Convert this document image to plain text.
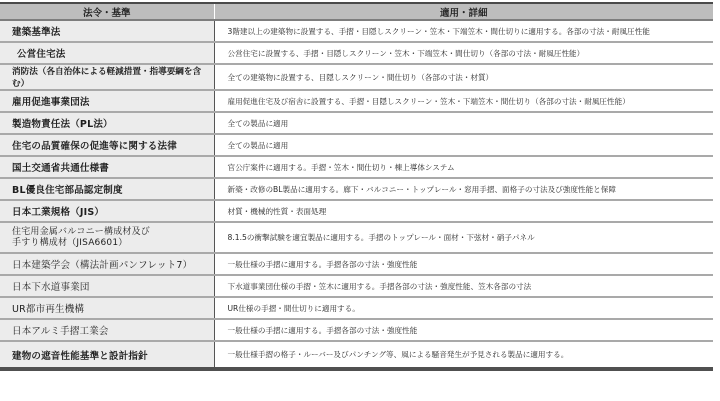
法令・基準	適用・詳細
建築基準法	3階建以上の建築物に設置する、手摺・目隠しスクリーン・笠木・下端笠木・間仕切りに適用する。各部の寸法・耐風圧性能
公営住宅法	公営住宅に設置する、手摺・目隠しスクリーン・笠木・下端笠木・間仕切り（各部の寸法・耐風圧性能）
消防法（各自治体による軽減措置・指導要綱を含む）	全ての建築物に設置する、目隠しスクリーン・間仕切り（各部の寸法・材質）
雇用促進事業団法	雇用促進住宅及び宿舎に設置する、手摺・目隠しスクリーン・笠木・下端笠木・間仕切り（各部の寸法・耐風圧性能）
製造物責任法（PL法）	全ての製品に適用
住宅の品質確保の促進等に関する法律	全ての製品に適用
国土交通省共通仕様書	官公庁案件に適用する。手摺・笠木・間仕切り・棟上導体システム
BL優良住宅部品認定制度	新築・改修のBL製品に適用する。廊下・バルコニー・トップレール・窓用手摺、面格子の寸法及び強度性能と保障
日本工業規格（JIS）	材質・機械的性質・表面処理

住宅用金属バルコニー構成材及び
手すり構成材（JISA6601）	8.1.5の衝撃試験を適宜製品に適用する。手摺のトップレール・面材・下弦材・硝子パネル
日本建築学会（構法計画パンフレット7）	一般仕様の手摺に適用する。手摺各部の寸法・強度性能
日本下水道事業団	下水道事業団仕様の手摺・笠木に適用する。手摺各部の寸法・強度性能、笠木各部の寸法
UR都市再生機構	UR仕様の手摺・間仕切りに適用する。
日本アルミ手摺工業会	一般仕様の手摺に適用する。手摺各部の寸法・強度性能
建物の遮音性能基準と設計指針	一般仕様手摺の格子・ルーバー及びパンチング等、風による騒音発生が予見される製品に適用する。
